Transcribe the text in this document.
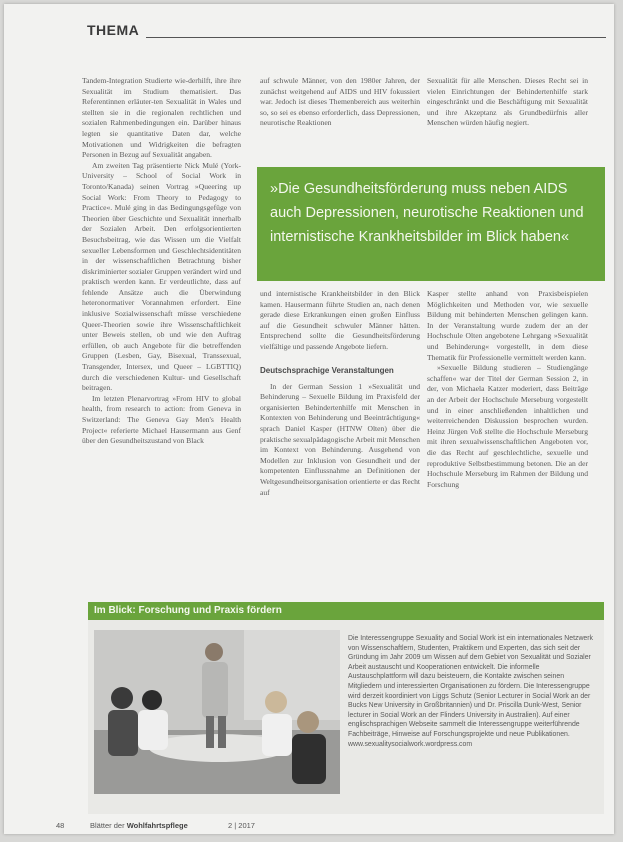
THEMA

Tandem-Integration Studierte wie-derhilft, ihre ihre Sexualität im Studium thematisiert. Das Referentinnen erläuter-ten Sexualität in Wales und stellten sie in die regionalen rechtlichen und sozialen Rahmenbedingungen ein. Darüber hinaus legten sie quantitative Daten dar, welche Motivationen und Widrigkeiten die befragten Personen in Bezug auf Sexualität angaben.

Am zweiten Tag präsentierte Nick Mulé (York-University – School of Social Work in Toronto/Kanada) seinen Vortrag »Queering up Social Work: From Theory to Pedagogy to Practice«. Mulé ging in das Bedingungsgefüge von Theorien über Geschichte und Sexualität innerhalb der Sozialen Arbeit. Den erfolgsorientierten Besuchsbeitrag, wie das Wissen um die Vielfalt sexueller Lebensformen und Geschlechtsidentitäten in der wissenschaftlichen Betrachtung bisher diskriminierter sozialer Gruppen verändert wird und praktisch werden kann. Er verdeutlichte, dass auf fehlende Ansätze auch die Überwindung heteronormativer Vorannahmen erfordert. Eine inklusive Sozialwissenschaft müsse verschiedene Queer-Theorien sowie ihre Wissenschaftlichkeit unter Beweis stellen, ob und wie den Auftrag erfüllen, ob auch Angebote für die betreffenden Gruppen (Lesben, Gay, Bisexual, Transsexual, Transgender, Intersex, und Queer – LGBTTIQ) durch die verschiedenen Kultur- und Gesellschaft beitragen.

Im letzten Plenarvortrag »From HIV to global health, from research to action: from Geneva in Switzerland: The Geneva Gay Men's Health Project« referierte Michael Hausermann aus Genf über den Gesundheitszustand von Black

auf schwule Männer, von den 1980er Jahren, der zunächst weitgehend auf AIDS und HIV fokussiert war. Jedoch ist dieses Themenbereich aus weiterhin so, so sei es ebenso erforderlich, dass Depressionen, neurotische Reaktionen

Sexualität für alle Menschen. Dieses Recht sei in vielen Einrichtungen der Behindertenhilfe stark eingeschränkt und die Beschäftigung mit Sexualität und ihre Akzeptanz als Grundbedürfnis aller Menschen würden häufig negiert.

»Die Gesundheitsförderung muss neben AIDS auch Depressionen, neurotische Reaktionen und internistische Krankheitsbilder im Blick haben«

und internistische Krankheitsbilder in den Blick kamen. Hausermann führte Studien an, nach denen gerade diese Erkrankungen einen großen Einfluss auf die Gesundheit schwuler Männer hätten. Entsprechend sollte die Gesundheitsförderung vielfältige und passende Angebote liefern.

Deutschsprachige Veranstaltungen

In der German Session 1 »Sexualität und Behinderung – Sexuelle Bildung im Praxisfeld der organisierten Behindertenhilfe mit Menschen in Kontexten von Behinderung und Beeinträchtigung« sprach Daniel Kasper (HTNW Olten) über die praktische sexualpädagogische Arbeit mit Menschen im Kontext von Behinderung. Ausgehend von Modellen zur Inklusion von Gesundheit und der kompetenten Einflussnahme an Definitionen der Weltgesundheitsorganisation orientierte er das Recht auf

Kasper stellte anhand von Praxisbeispielen Möglichkeiten und Methoden vor, wie sexuelle Bildung mit behinderten Menschen gelingen kann. In der Veranstaltung wurde zudem der an der Hochschule Olten angebotene Lehrgang »Sexualität und Behinderung« vorgestellt, in dem diese Thematik für Professionelle vermittelt werden kann.

»Sexuelle Bildung studieren – Studiengänge schaffen« war der Titel der German Session 2, in der, von Michaela Katzer moderiert, dass Beiträge an der Arbeit der Hochschule Merseburg vorgestellt und in einer anschließenden inhaltlichen und weiterreichenden Diskussion besprochen wurden. Heinz Jürgen Voß stellte die Hochschule Merseburg mit ihren sexualwissenschaftlichen Angeboten vor, die das Recht auf geschlechtliche, sexuelle und reproduktive Selbstbestimmung betonen. Die an der Hochschule Merseburg im Rahmen der Bildung und Forschung

Im Blick: Forschung und Praxis fördern
Die Interessengruppe Sexuality and Social Work ist ein internationales Netzwerk von Wissenschaftlern, Studenten, Praktikern und Experten, das sich seit der Gründung im Jahr 2009 um Wissen auf dem Gebiet von Sexualität und Sozialer Arbeit austauscht und Kooperationen entwickelt. Die informelle Austauschplattform will dazu beisteuern, die Kontakte zwischen seinen Mitgliedern und interessierten Organisationen zu fördern. Die Interessengruppe wird derzeit koordiniert von Liggs Schutz (Senior Lecturer in Social Work an der Bucks New University in Großbritannien) und Dr. Priscilla Dunk-West, Senior lecturer in Social Work an der Flinders University in Australien). Auf einer englischsprachigen Webseite sammelt die Interessengruppe weiterführende Fachbeiträge, Hinweise auf Forschungsprojekte und neue Publikationen.
www.sexualitysocialwork.wordpress.com
48	Blätter der Wohlfahrtspflege	2 | 2017
